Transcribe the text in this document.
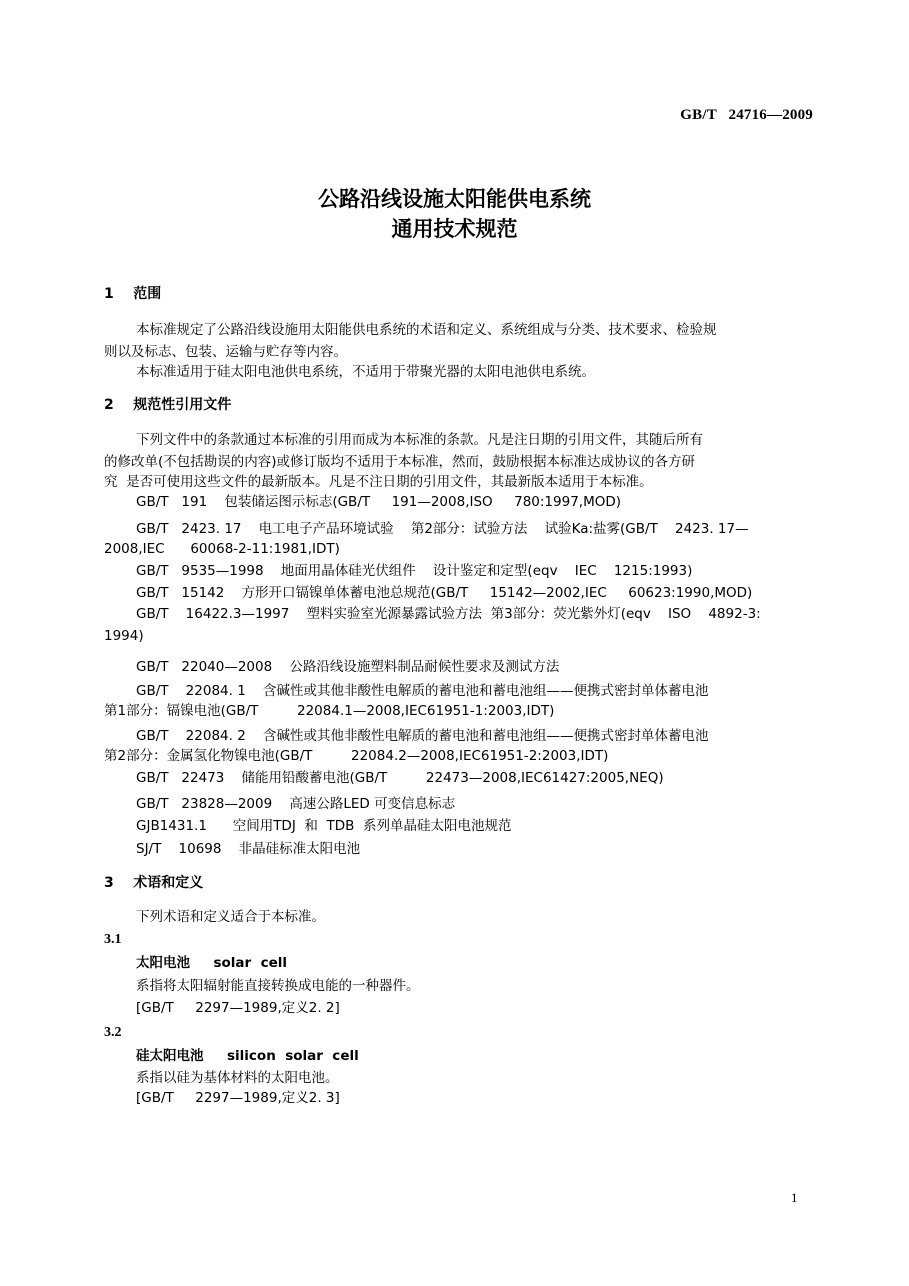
GB/T   24716—2009
公路沿线设施太阳能供电系统
通用技术规范
1    范围
本标准规定了公路沿线设施用太阳能供电系统的术语和定义、系统组成与分类、技术要求、检验规
则以及标志、包装、运输与贮存等内容。
本标准适用于硅太阳电池供电系统，不适用于带聚光器的太阳电池供电系统。
2    规范性引用文件
下列文件中的条款通过本标准的引用而成为本标准的条款。凡是注日期的引用文件，其随后所有
的修改单(不包括勘误的内容)或修订版均不适用于本标准，然而，鼓励根据本标准达成协议的各方研
究  是否可使用这些文件的最新版本。凡是不注日期的引用文件，其最新版本适用于本标准。
GB/T   191    包装储运图示标志(GB/T     191—2008,ISO     780:1997,MOD)
GB/T   2423. 17    电工电子产品环境试验    第2部分：试验方法    试验Ka:盐雾(GB/T    2423. 17—
2008,IEC      60068-2-11:1981,IDT)
GB/T   9535—1998    地面用晶体硅光伏组件    设计鉴定和定型(eqv    IEC    1215:1993)
GB/T   15142    方形开口镉镍单体蓄电池总规范(GB/T     15142—2002,IEC     60623:1990,MOD)
GB/T    16422.3—1997    塑料实验室光源暴露试验方法  第3部分：荧光紫外灯(eqv    ISO    4892-3:
1994)
GB/T   22040—2008    公路沿线设施塑料制品耐候性要求及测试方法
GB/T    22084. 1    含碱性或其他非酸性电解质的蓄电池和蓄电池组——便携式密封单体蓄电池
第1部分：镉镍电池(GB/T         22084.1—2008,IEC61951-1:2003,IDT)
GB/T    22084. 2    含碱性或其他非酸性电解质的蓄电池和蓄电池组——便携式密封单体蓄电池
第2部分：金属氢化物镍电池(GB/T         22084.2—2008,IEC61951-2:2003,IDT)
GB/T   22473    储能用铅酸蓄电池(GB/T         22473—2008,IEC61427:2005,NEQ)
GB/T   23828—2009    高速公路LED 可变信息标志
GJB1431.1      空间用TDJ  和  TDB  系列单晶硅太阳电池规范
SJ/T    10698    非晶硅标准太阳电池
3    术语和定义
下列术语和定义适合于本标准。
3.1
太阳电池     solar  cell
系指将太阳辐射能直接转换成电能的一种器件。
[GB/T     2297—1989,定义2. 2]
3.2
硅太阳电池     silicon  solar  cell
系指以硅为基体材料的太阳电池。
[GB/T     2297—1989,定义2. 3]
1
